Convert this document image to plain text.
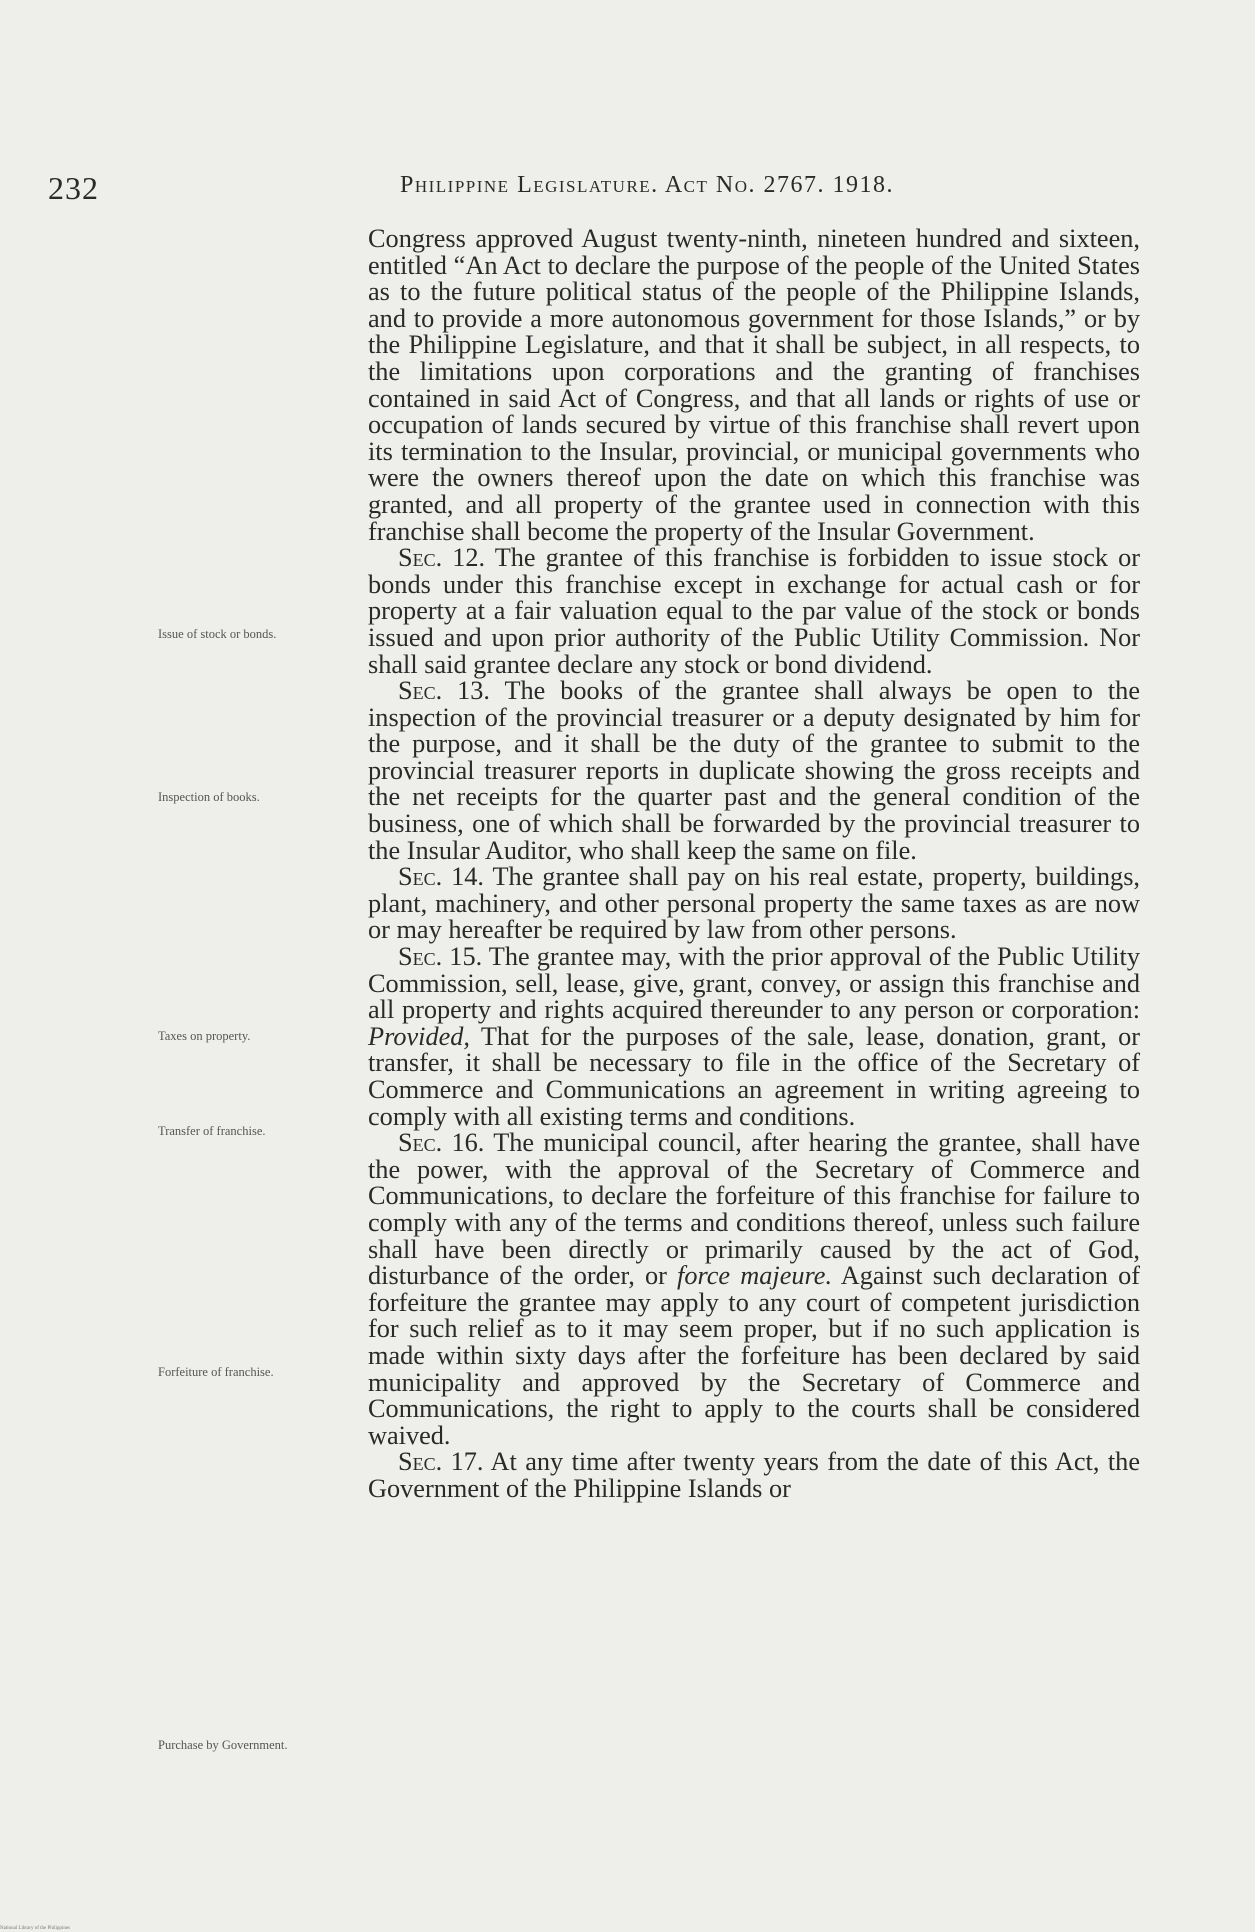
232	Philippine Legislature. Act No. 2767. 1918.

Congress approved August twenty-ninth, nineteen hundred and sixteen, entitled “An Act to declare the purpose of the people of the United States as to the future political status of the people of the Philippine Islands, and to provide a more autonomous government for those Islands,” or by the Philippine Legislature, and that it shall be subject, in all respects, to the limitations upon corporations and the granting of franchises contained in said Act of Congress, and that all lands or rights of use or occupation of lands secured by virtue of this franchise shall revert upon its termination to the Insular, provincial, or municipal governments who were the owners thereof upon the date on which this franchise was granted, and all property of the grantee used in connection with this franchise shall become the property of the Insular Government.

Sec. 12. The grantee of this franchise is forbidden to issue stock or bonds under this franchise except in exchange for actual cash or for property at a fair valuation equal to the par value of the stock or bonds issued and upon prior authority of the Public Utility Commission. Nor shall said grantee declare any stock or bond dividend.

Sec. 13. The books of the grantee shall always be open to the inspection of the provincial treasurer or a deputy designated by him for the purpose, and it shall be the duty of the grantee to submit to the provincial treasurer reports in duplicate showing the gross receipts and the net receipts for the quarter past and the general condition of the business, one of which shall be forwarded by the provincial treasurer to the Insular Auditor, who shall keep the same on file.

Sec. 14. The grantee shall pay on his real estate, property, buildings, plant, machinery, and other personal property the same taxes as are now or may hereafter be required by law from other persons.

Sec. 15. The grantee may, with the prior approval of the Public Utility Commission, sell, lease, give, grant, convey, or assign this franchise and all property and rights acquired thereunder to any person or corporation: Provided, That for the purposes of the sale, lease, donation, grant, or transfer, it shall be necessary to file in the office of the Secretary of Commerce and Communications an agreement in writing agreeing to comply with all existing terms and conditions.

Sec. 16. The municipal council, after hearing the grantee, shall have the power, with the approval of the Secretary of Commerce and Communications, to declare the forfeiture of this franchise for failure to comply with any of the terms and conditions thereof, unless such failure shall have been directly or primarily caused by the act of God, disturbance of the order, or force majeure. Against such declaration of forfeiture the grantee may apply to any court of competent jurisdiction for such relief as to it may seem proper, but if no such application is made within sixty days after the forfeiture has been declared by said municipality and approved by the Secretary of Commerce and Communications, the right to apply to the courts shall be considered waived.

Sec. 17. At any time after twenty years from the date of this Act, the Government of the Philippine Islands or

Issue of stock or bonds.
Inspection of books.
Taxes on property.
Transfer of franchise.
Forfeiture of franchise.
Purchase by Government.
National Library of the Philippines
